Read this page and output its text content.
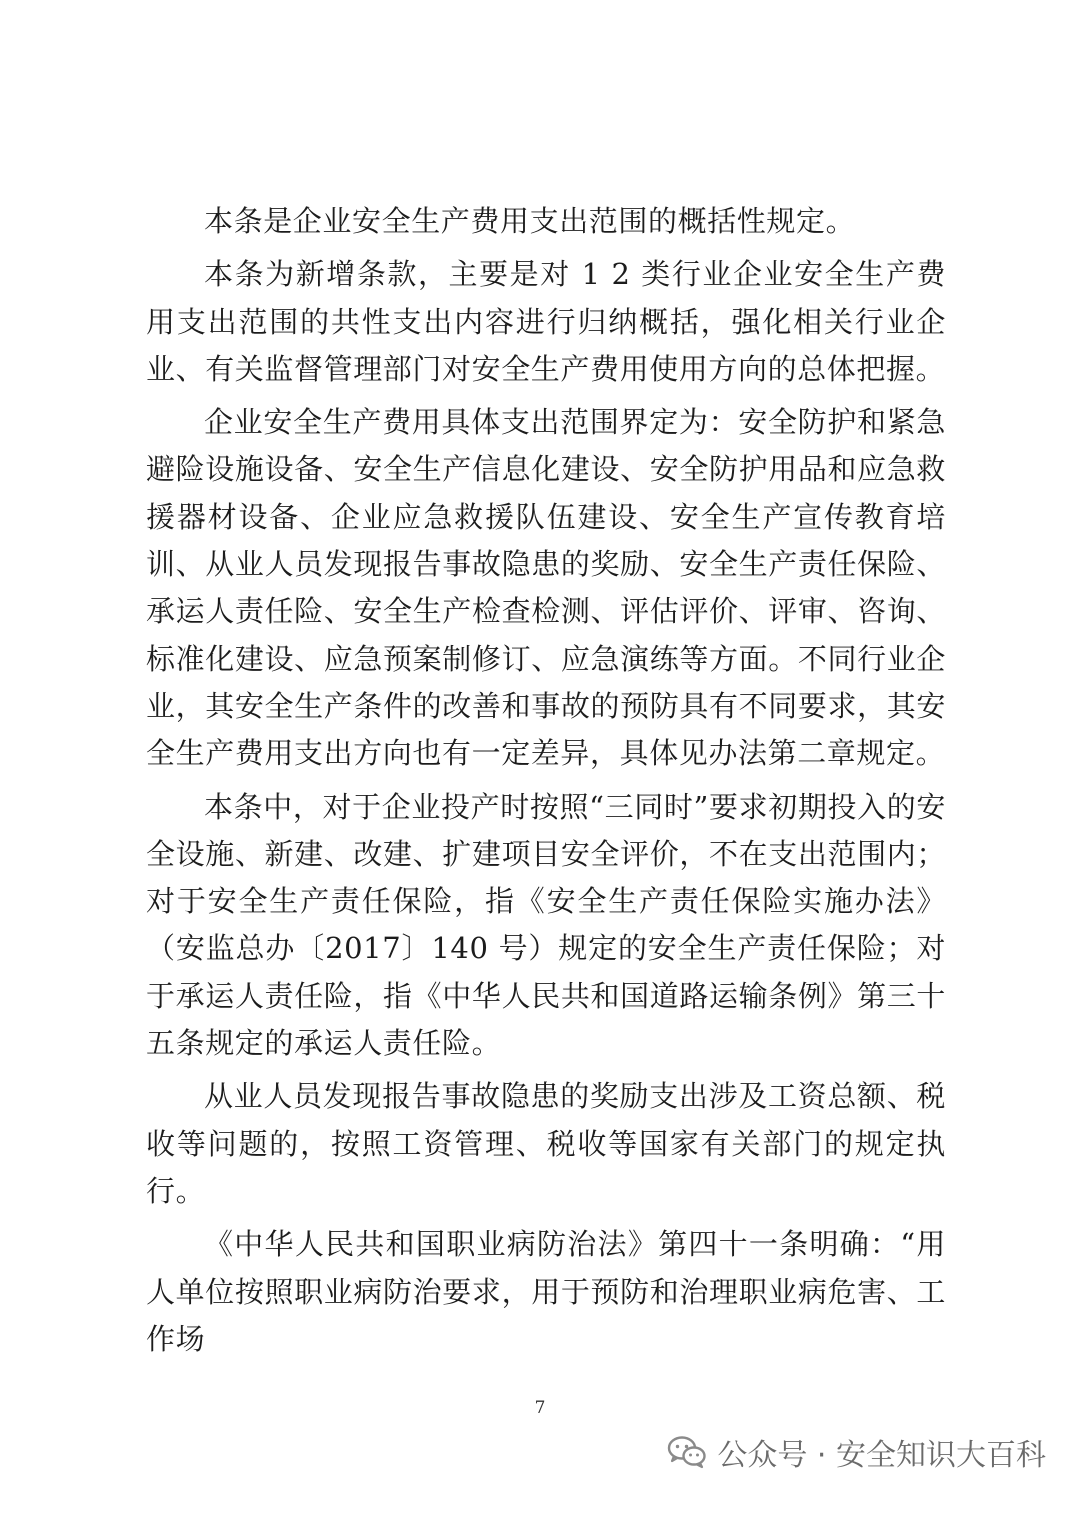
本条是企业安全生产费用支出范围的概括性规定。

本条为新增条款，主要是对 1 2 类行业企业安全生产费用支出范围的共性支出内容进行归纳概括，强化相关行业企业、有关监督管理部门对安全生产费用使用方向的总体把握。

企业安全生产费用具体支出范围界定为：安全防护和紧急避险设施设备、安全生产信息化建设、安全防护用品和应急救援器材设备、企业应急救援队伍建设、安全生产宣传教育培训、从业人员发现报告事故隐患的奖励、安全生产责任保险、承运人责任险、安全生产检查检测、评估评价、评审、咨询、标准化建设、应急预案制修订、应急演练等方面。不同行业企业，其安全生产条件的改善和事故的预防具有不同要求，其安全生产费用支出方向也有一定差异，具体见办法第二章规定。

本条中，对于企业投产时按照“三同时”要求初期投入的安全设施、新建、改建、扩建项目安全评价，不在支出范围内；对于安全生产责任保险，指《安全生产责任保险实施办法》（安监总办〔2017〕140 号）规定的安全生产责任保险；对于承运人责任险，指《中华人民共和国道路运输条例》第三十五条规定的承运人责任险。

从业人员发现报告事故隐患的奖励支出涉及工资总额、税收等问题的，按照工资管理、税收等国家有关部门的规定执行。

《中华人民共和国职业病防治法》第四十一条明确：“用人单位按照职业病防治要求，用于预防和治理职业病危害、工作场

7
公众号 · 安全知识大百科
